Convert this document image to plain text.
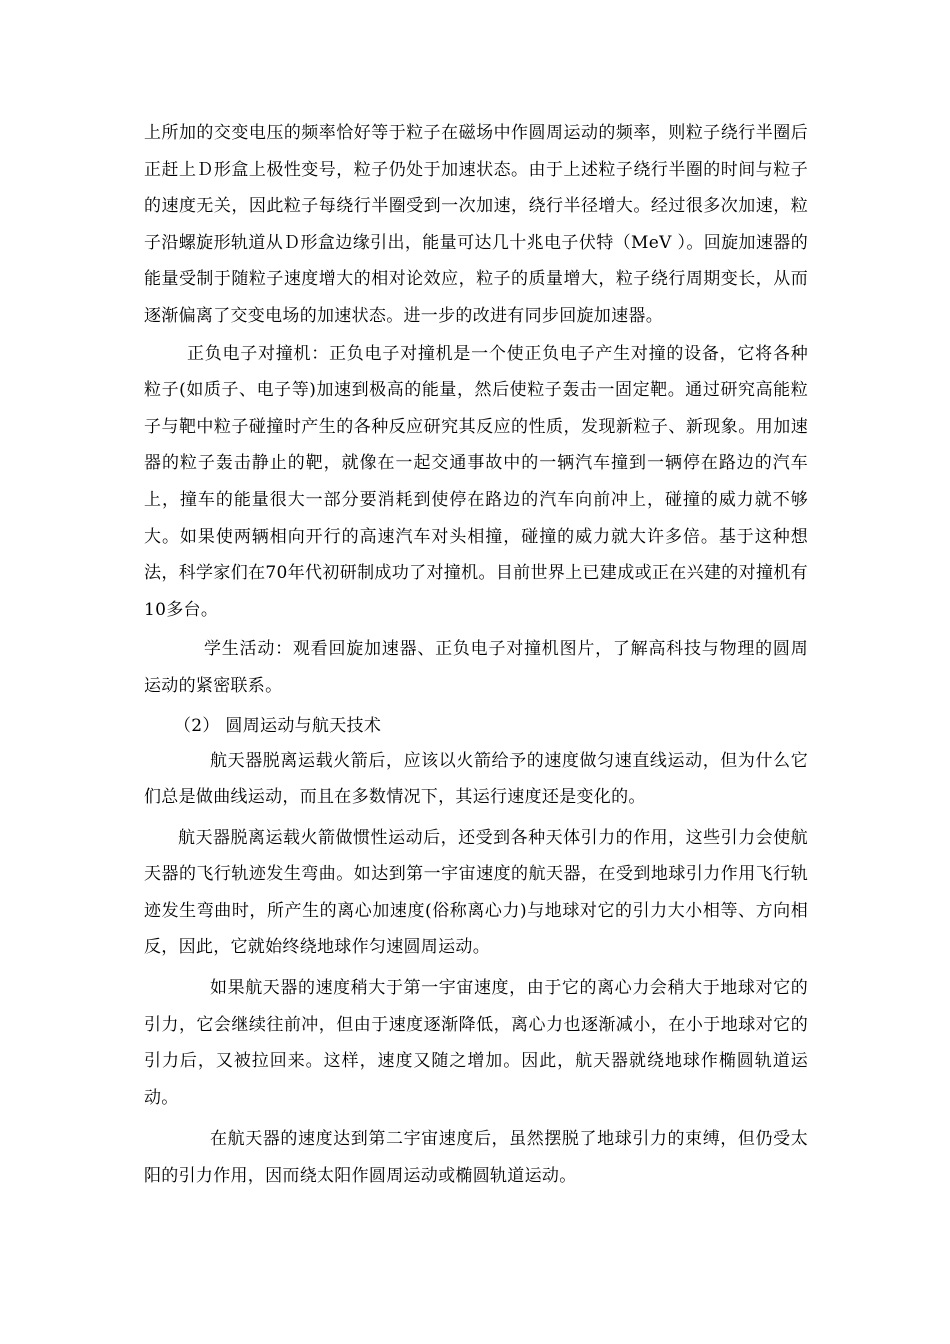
上所加的交变电压的频率恰好等于粒子在磁场中作圆周运动的频率，则粒子绕行半圈后正赶上Ｄ形盒上极性变号，粒子仍处于加速状态。由于上述粒子绕行半圈的时间与粒子的速度无关，因此粒子每绕行半圈受到一次加速，绕行半径增大。经过很多次加速，粒子沿螺旋形轨道从Ｄ形盒边缘引出，能量可达几十兆电子伏特（MeV ）。回旋加速器的能量受制于随粒子速度增大的相对论效应，粒子的质量增大，粒子绕行周期变长，从而逐渐偏离了交变电场的加速状态。进一步的改进有同步回旋加速器。

正负电子对撞机：正负电子对撞机是一个使正负电子产生对撞的设备，它将各种粒子(如质子、电子等)加速到极高的能量，然后使粒子轰击一固定靶。通过研究高能粒子与靶中粒子碰撞时产生的各种反应研究其反应的性质，发现新粒子、新现象。用加速器的粒子轰击静止的靶，就像在一起交通事故中的一辆汽车撞到一辆停在路边的汽车上，撞车的能量很大一部分要消耗到使停在路边的汽车向前冲上，碰撞的威力就不够大。如果使两辆相向开行的高速汽车对头相撞，碰撞的威力就大许多倍。基于这种想法，科学家们在70年代初研制成功了对撞机。目前世界上已建成或正在兴建的对撞机有10多台。

学生活动：观看回旋加速器、正负电子对撞机图片，了解高科技与物理的圆周运动的紧密联系。

（2） 圆周运动与航天技术

航天器脱离运载火箭后，应该以火箭给予的速度做匀速直线运动，但为什么它们总是做曲线运动，而且在多数情况下，其运行速度还是变化的。

航天器脱离运载火箭做惯性运动后，还受到各种天体引力的作用，这些引力会使航天器的飞行轨迹发生弯曲。如达到第一宇宙速度的航天器，在受到地球引力作用飞行轨迹发生弯曲时，所产生的离心加速度(俗称离心力)与地球对它的引力大小相等、方向相反，因此，它就始终绕地球作匀速圆周运动。

如果航天器的速度稍大于第一宇宙速度，由于它的离心力会稍大于地球对它的引力，它会继续往前冲，但由于速度逐渐降低，离心力也逐渐减小，在小于地球对它的引力后，又被拉回来。这样，速度又随之增加。因此，航天器就绕地球作椭圆轨道运动。

在航天器的速度达到第二宇宙速度后，虽然摆脱了地球引力的束缚，但仍受太阳的引力作用，因而绕太阳作圆周运动或椭圆轨道运动。
